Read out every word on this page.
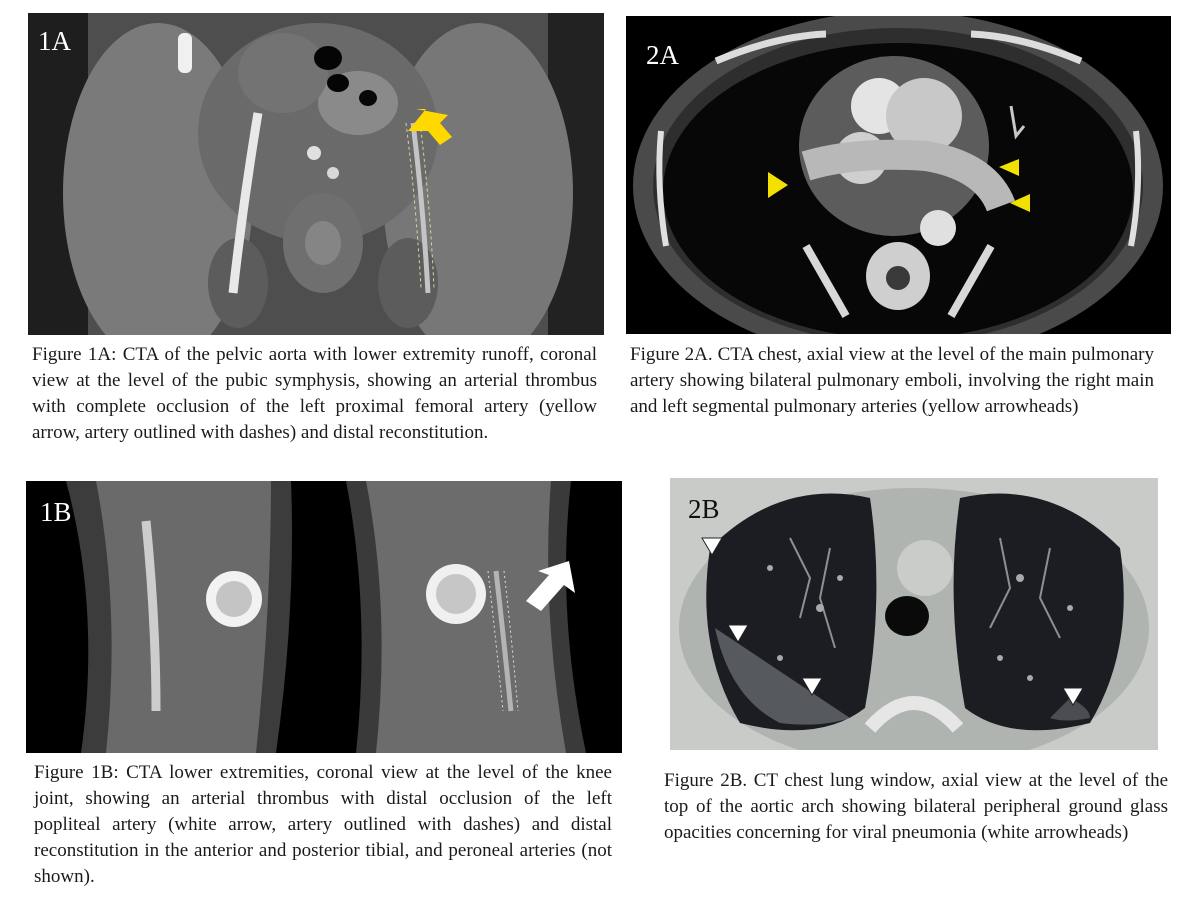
1A	2A

Figure 1A: CTA of the pelvic aorta with lower extremity runoff, coronal view at the level of the pubic symphysis, showing an arterial thrombus with complete occlusion of the left proximal femoral artery (yellow arrow, artery outlined with dashes) and distal reconstitution.

Figure 2A. CTA chest, axial view at the level of the main pulmonary artery showing bilateral pulmonary emboli, involving the right main and left segmental pulmonary arteries (yellow arrowheads)

1B	2B

Figure 1B: CTA lower extremities, coronal view at the level of the knee joint, showing an arterial thrombus with distal occlusion of the left popliteal artery (white arrow, artery outlined with dashes) and distal reconstitution in the anterior and posterior tibial, and peroneal arteries (not shown).

Figure 2B. CT chest lung window, axial view at the level of the top of the aortic arch showing bilateral peripheral ground glass opacities concerning for viral pneumonia (white arrowheads)
